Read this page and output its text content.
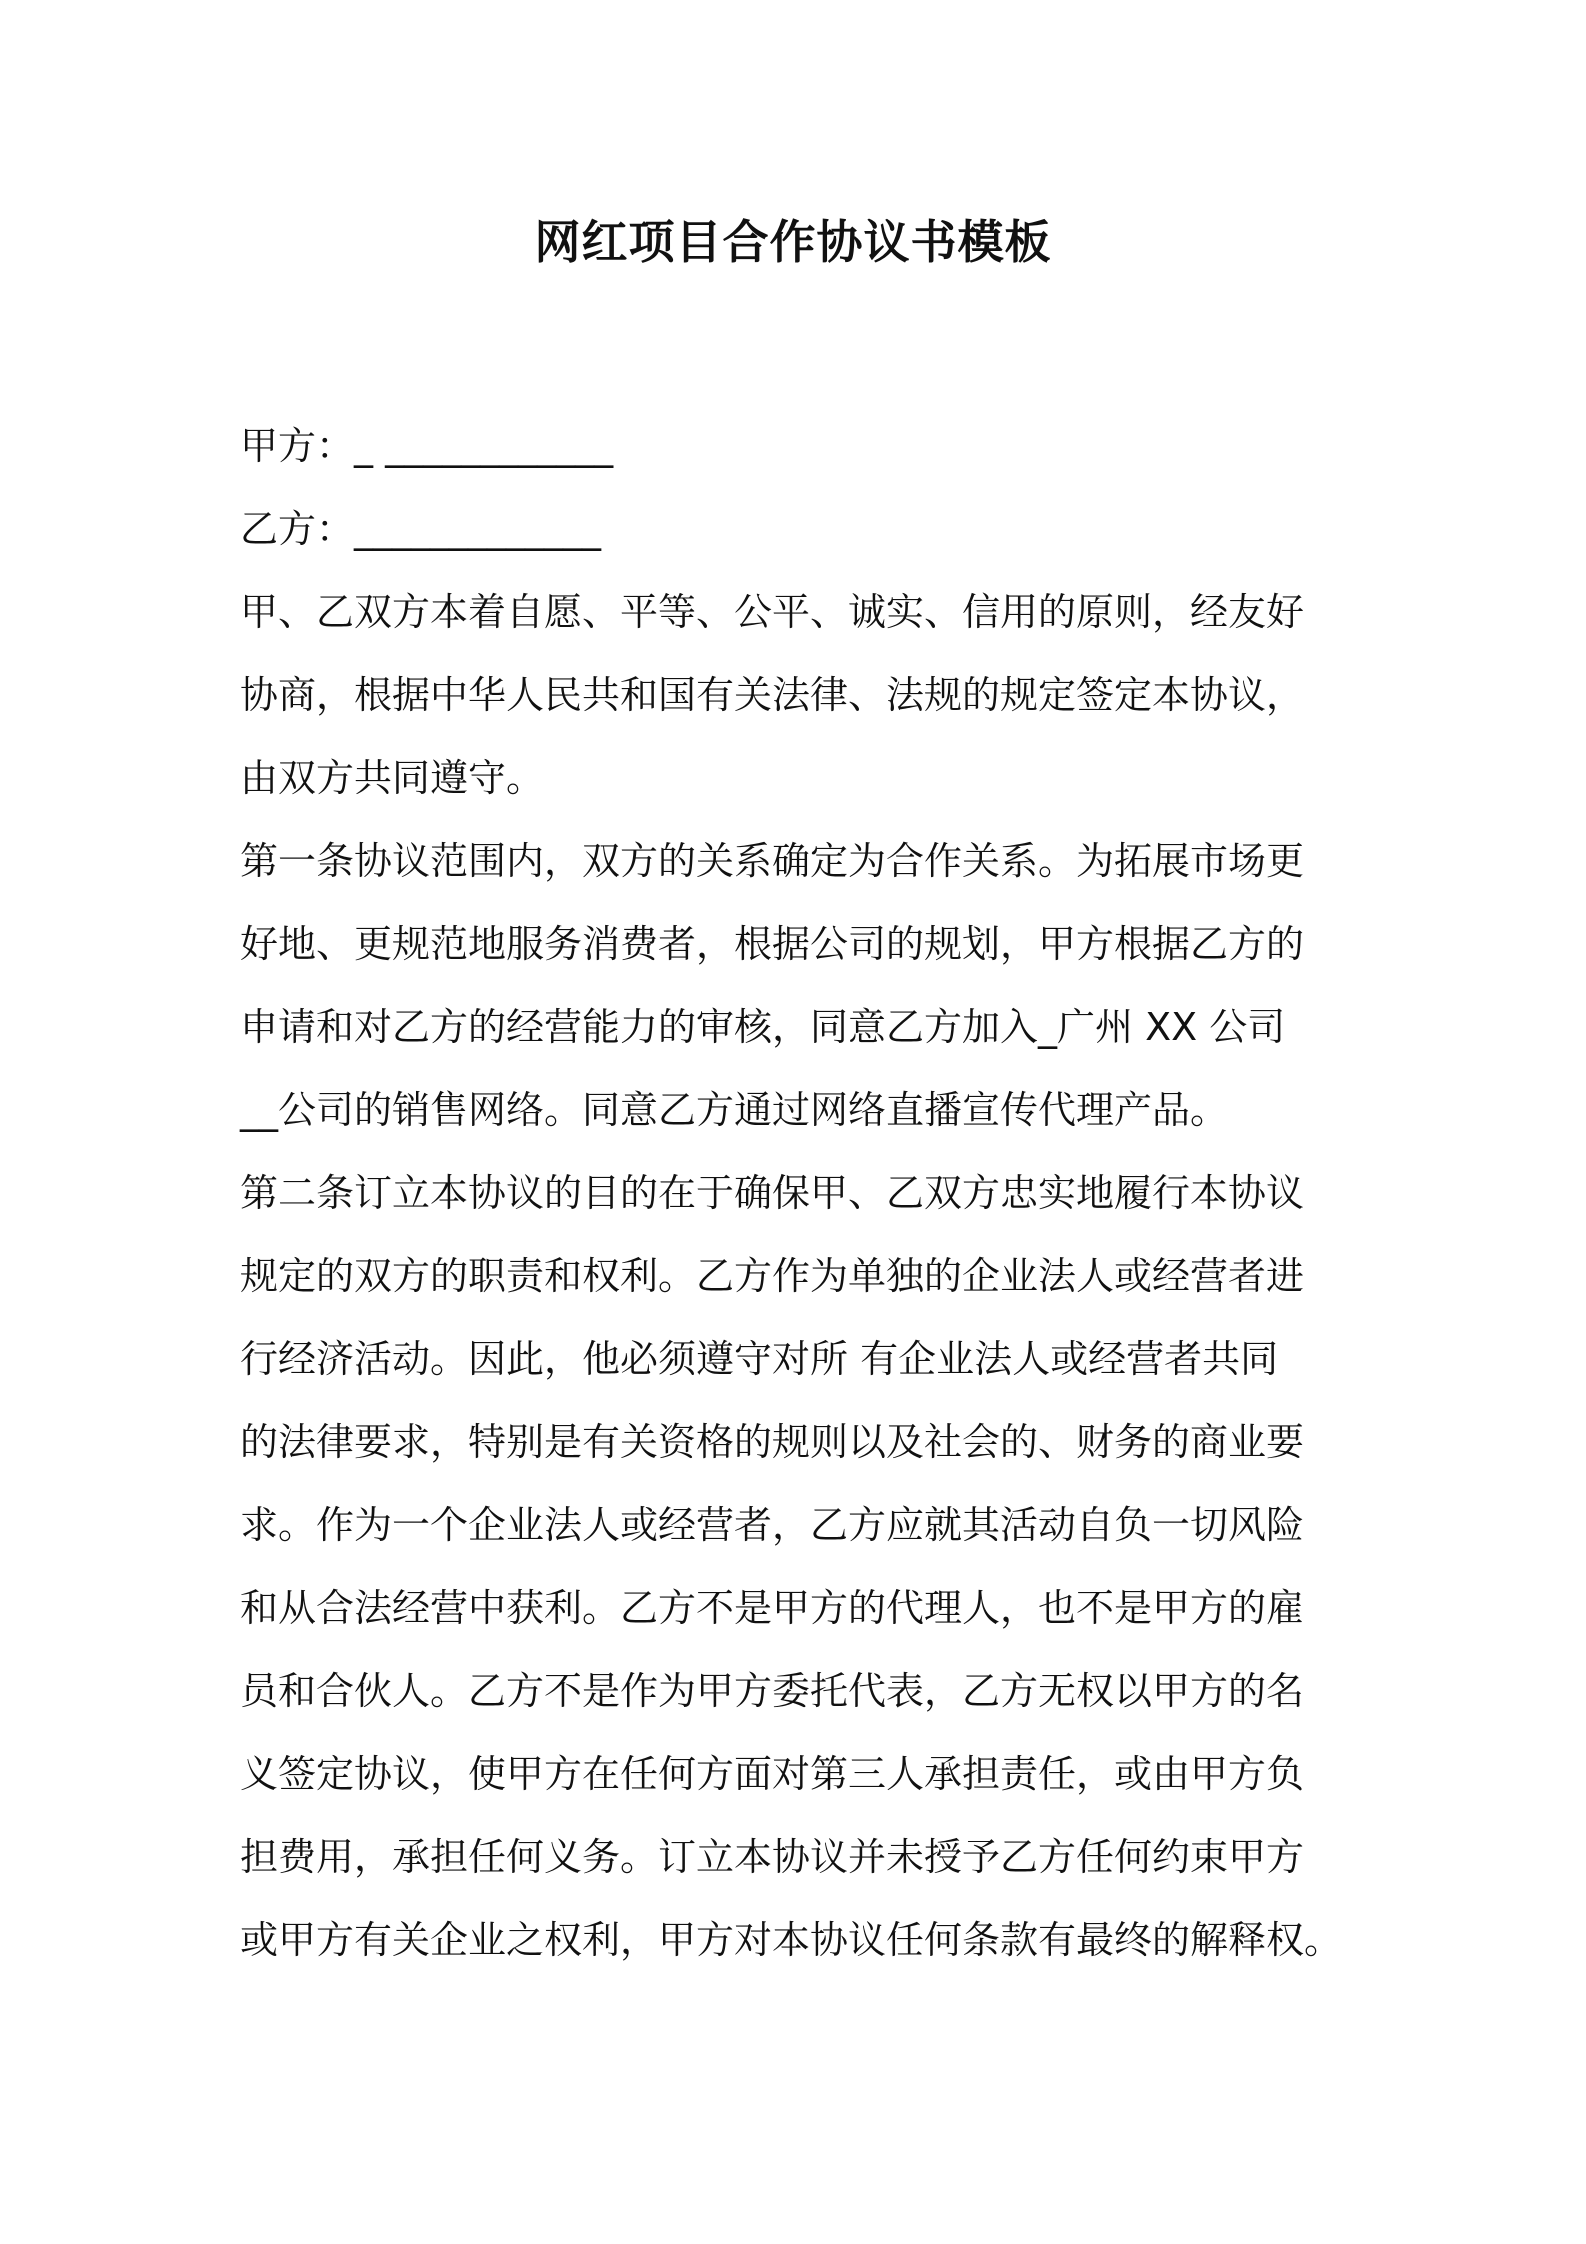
网红项目合作协议书模板
甲方：_ ____________
乙方：_____________
甲、乙双方本着自愿、平等、公平、诚实、信用的原则，经友好
协商，根据中华人民共和国有关法律、法规的规定签定本协议，
由双方共同遵守。
第一条协议范围内，双方的关系确定为合作关系。为拓展市场更
好地、更规范地服务消费者，根据公司的规划，甲方根据乙方的
申请和对乙方的经营能力的审核，同意乙方加入_广州 XX 公司
__公司的销售网络。同意乙方通过网络直播宣传代理产品。
第二条订立本协议的目的在于确保甲、乙双方忠实地履行本协议
规定的双方的职责和权利。乙方作为单独的企业法人或经营者进
行经济活动。因此，他必须遵守对所 有企业法人或经营者共同
的法律要求，特别是有关资格的规则以及社会的、财务的商业要
求。作为一个企业法人或经营者，乙方应就其活动自负一切风险
和从合法经营中获利。乙方不是甲方的代理人，也不是甲方的雇
员和合伙人。乙方不是作为甲方委托代表，乙方无权以甲方的名
义签定协议，使甲方在任何方面对第三人承担责任，或由甲方负
担费用，承担任何义务。订立本协议并未授予乙方任何约束甲方
或甲方有关企业之权利，甲方对本协议任何条款有最终的解释权。
